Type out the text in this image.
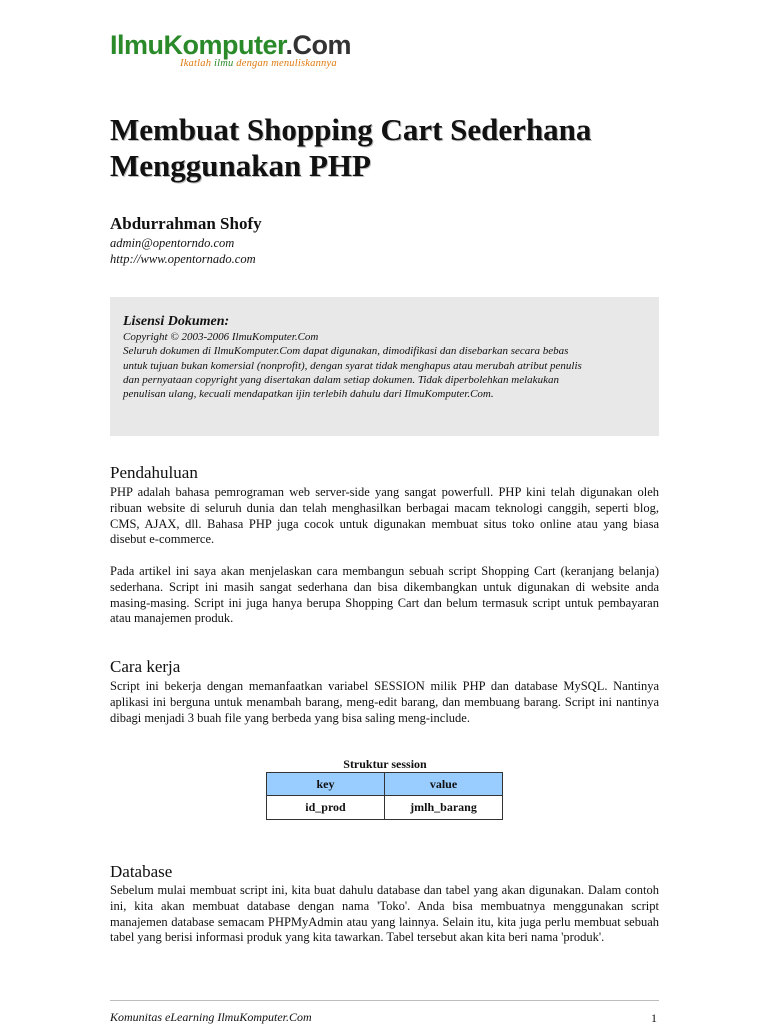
IlmuKomputer.Com
Ikatlah ilmu dengan menuliskannya
Membuat Shopping Cart Sederhana
Menggunakan PHP
Abdurrahman Shofy
admin@opentorndo.com
http://www.opentornado.com
Lisensi Dokumen:
Copyright © 2003-2006 IlmuKomputer.Com
Seluruh dokumen di IlmuKomputer.Com dapat digunakan, dimodifikasi dan disebarkan secara bebas untuk tujuan bukan komersial (nonprofit), dengan syarat tidak menghapus atau merubah atribut penulis dan pernyataan copyright yang disertakan dalam setiap dokumen. Tidak diperbolehkan melakukan penulisan ulang, kecuali mendapatkan ijin terlebih dahulu dari IlmuKomputer.Com.
Pendahuluan
PHP adalah bahasa pemrograman web server-side yang sangat powerfull. PHP kini telah digunakan oleh ribuan website di seluruh dunia dan telah menghasilkan berbagai macam teknologi canggih, seperti blog, CMS, AJAX, dll. Bahasa PHP juga cocok untuk digunakan membuat situs toko online atau yang biasa disebut e-commerce.
Pada artikel ini saya akan menjelaskan cara membangun sebuah script Shopping Cart (keranjang belanja) sederhana. Script ini masih sangat sederhana dan bisa dikembangkan untuk digunakan di website anda masing-masing. Script ini juga hanya berupa Shopping Cart dan belum termasuk script untuk pembayaran atau manajemen produk.
Cara kerja
Script ini bekerja dengan memanfaatkan variabel SESSION milik PHP dan database MySQL. Nantinya aplikasi ini berguna untuk menambah barang, meng-edit barang, dan membuang barang. Script ini nantinya dibagi menjadi 3 buah file yang berbeda yang bisa saling meng-include.
Struktur session
key	value
id_prod	jmlh_barang
Database
Sebelum mulai membuat script ini, kita buat dahulu database dan tabel yang akan digunakan. Dalam contoh ini, kita akan membuat database dengan nama 'Toko'. Anda bisa membuatnya menggunakan script manajemen database semacam PHPMyAdmin atau yang lainnya. Selain itu, kita juga perlu membuat sebuah tabel yang berisi informasi produk yang kita tawarkan. Tabel tersebut akan kita beri nama 'produk'.
Komunitas eLearning IlmuKomputer.Com	1
